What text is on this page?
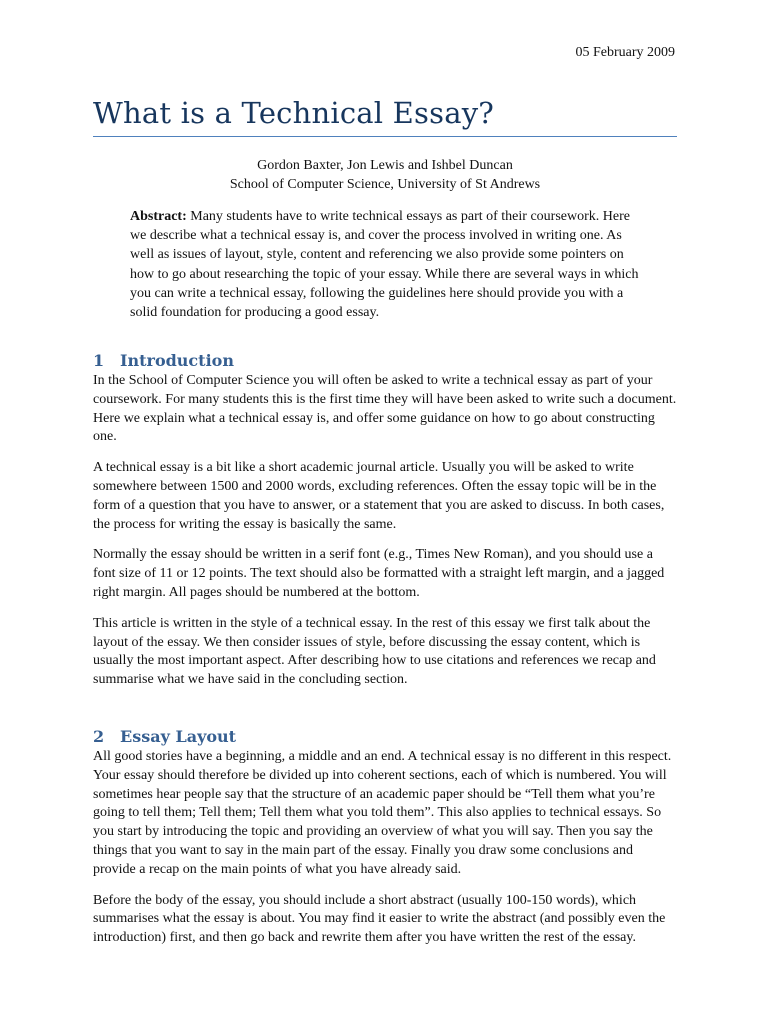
05 February 2009
What is a Technical Essay?
Gordon Baxter, Jon Lewis and Ishbel Duncan
School of Computer Science, University of St Andrews

Abstract: Many students have to write technical essays as part of their coursework. Here we describe what a technical essay is, and cover the process involved in writing one. As well as issues of layout, style, content and referencing we also provide some pointers on how to go about researching the topic of your essay. While there are several ways in which you can write a technical essay, following the guidelines here should provide you with a solid foundation for producing a good essay.

1 Introduction

In the School of Computer Science you will often be asked to write a technical essay as part of your coursework. For many students this is the first time they will have been asked to write such a document. Here we explain what a technical essay is, and offer some guidance on how to go about constructing one.

A technical essay is a bit like a short academic journal article. Usually you will be asked to write somewhere between 1500 and 2000 words, excluding references. Often the essay topic will be in the form of a question that you have to answer, or a statement that you are asked to discuss. In both cases, the process for writing the essay is basically the same.

Normally the essay should be written in a serif font (e.g., Times New Roman), and you should use a font size of 11 or 12 points. The text should also be formatted with a straight left margin, and a jagged right margin. All pages should be numbered at the bottom.

This article is written in the style of a technical essay. In the rest of this essay we first talk about the layout of the essay. We then consider issues of style, before discussing the essay content, which is usually the most important aspect. After describing how to use citations and references we recap and summarise what we have said in the concluding section.

2 Essay Layout

All good stories have a beginning, a middle and an end. A technical essay is no different in this respect. Your essay should therefore be divided up into coherent sections, each of which is numbered. You will sometimes hear people say that the structure of an academic paper should be “Tell them what you’re going to tell them; Tell them; Tell them what you told them”. This also applies to technical essays. So you start by introducing the topic and providing an overview of what you will say. Then you say the things that you want to say in the main part of the essay. Finally you draw some conclusions and provide a recap on the main points of what you have already said.

Before the body of the essay, you should include a short abstract (usually 100-150 words), which summarises what the essay is about. You may find it easier to write the abstract (and possibly even the introduction) first, and then go back and rewrite them after you have written the rest of the essay.
